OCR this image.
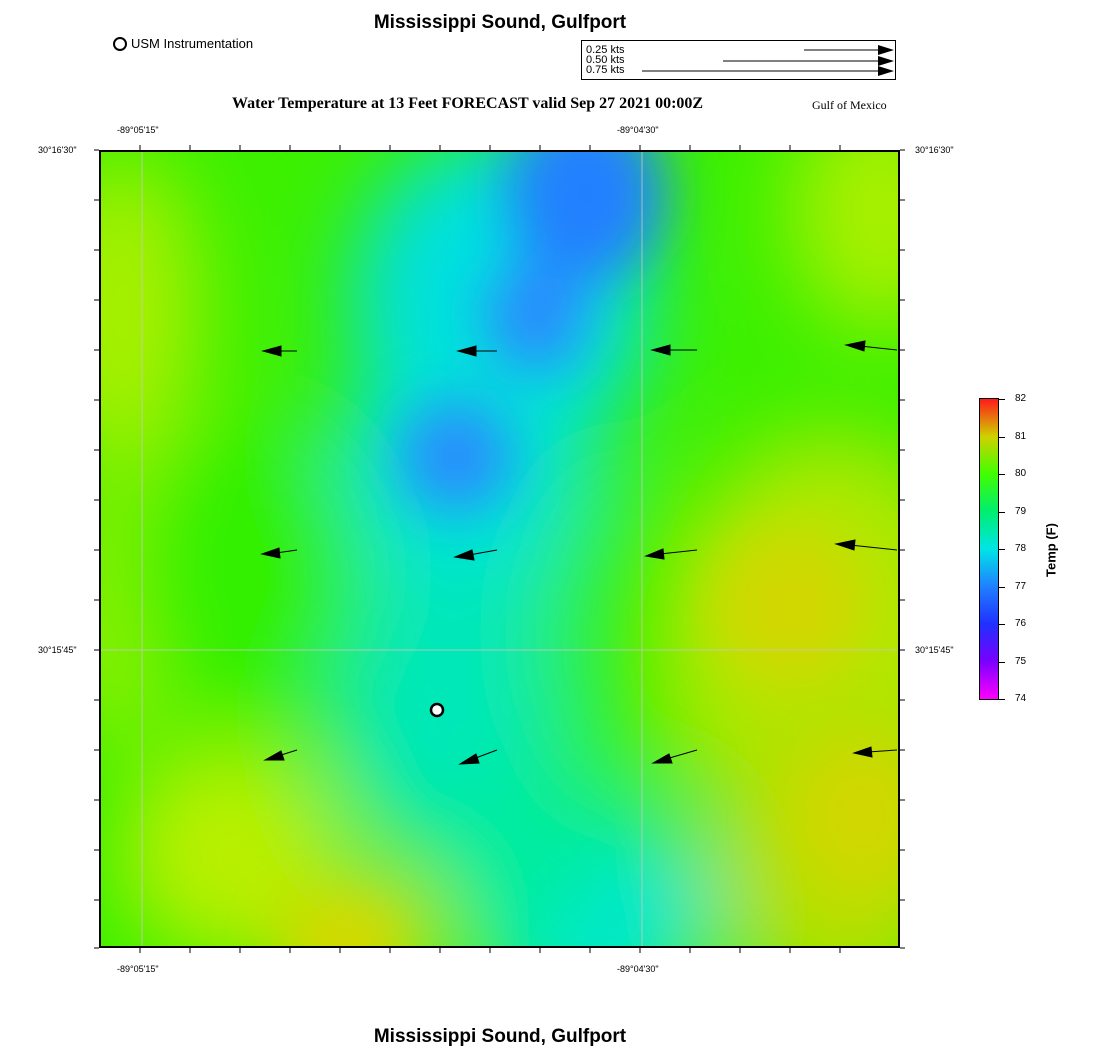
Mississippi Sound, Gulfport
USM Instrumentation	0.25 kts
0.50 kts
0.75 kts
Water Temperature at 13 Feet FORECAST valid Sep 27 2021 00:00Z	Gulf of Mexico
-89°05'15"	-89°04'30"
-89°05'15"	-89°04'30"
30°16'30"
30°15'45"
30°16'30"
30°15'45"
82
81
80
79
78
77
76
75
74
Temp (F)
Mississippi Sound, Gulfport
